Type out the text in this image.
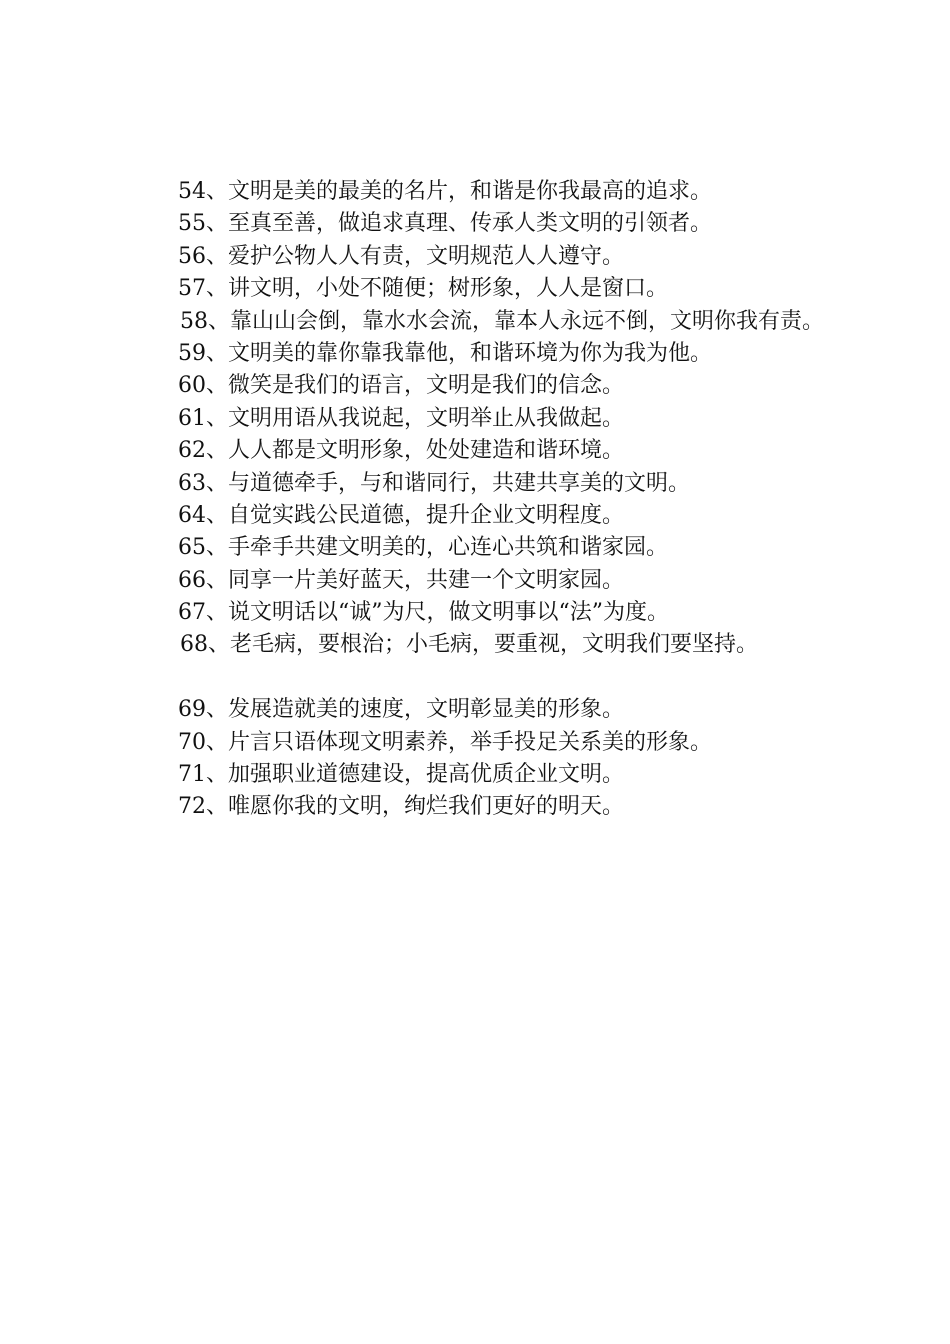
54、文明是美的最美的名片，和谐是你我最高的追求。
55、至真至善，做追求真理、传承人类文明的引领者。
56、爱护公物人人有责，文明规范人人遵守。
57、讲文明，小处不随便；树形象，人人是窗口。
58、靠山山会倒，靠水水会流，靠本人永远不倒，文明你我有责。
59、文明美的靠你靠我靠他，和谐环境为你为我为他。
60、微笑是我们的语言，文明是我们的信念。
61、文明用语从我说起，文明举止从我做起。
62、人人都是文明形象，处处建造和谐环境。
63、与道德牵手，与和谐同行，共建共享美的文明。
64、自觉实践公民道德，提升企业文明程度。
65、手牵手共建文明美的，心连心共筑和谐家园。
66、同享一片美好蓝天，共建一个文明家园。
67、说文明话以“诚”为尺，做文明事以“法”为度。
68、老毛病，要根治；小毛病，要重视，文明我们要坚持。
69、发展造就美的速度，文明彰显美的形象。
70、片言只语体现文明素养，举手投足关系美的形象。
71、加强职业道德建设，提高优质企业文明。
72、唯愿你我的文明，绚烂我们更好的明天。
